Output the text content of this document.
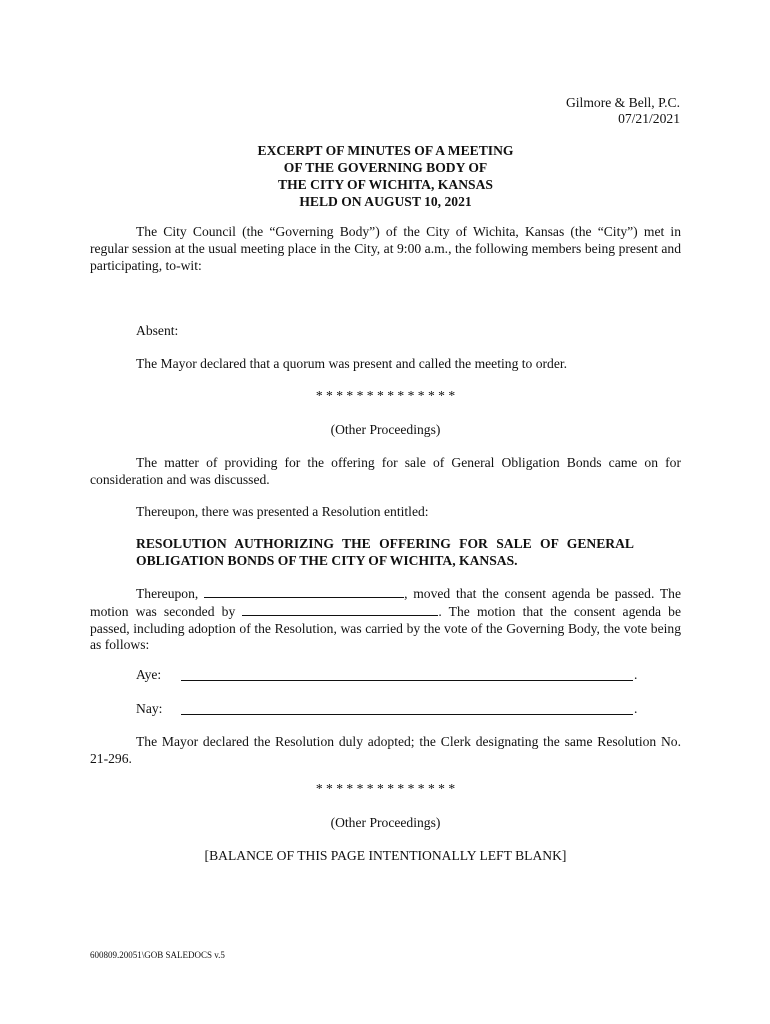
Gilmore & Bell, P.C.
07/21/2021
EXCERPT OF MINUTES OF A MEETING
OF THE GOVERNING BODY OF
THE CITY OF WICHITA, KANSAS
HELD ON AUGUST 10, 2021
The City Council (the “Governing Body”) of the City of Wichita, Kansas (the “City”) met in regular session at the usual meeting place in the City, at 9:00 a.m., the following members being present and participating, to-wit:
Absent:
The Mayor declared that a quorum was present and called the meeting to order.
* * * * * * * * * * * * * *
(Other Proceedings)
The matter of providing for the offering for sale of General Obligation Bonds came on for consideration and was discussed.
Thereupon, there was presented a Resolution entitled:
RESOLUTION AUTHORIZING THE OFFERING FOR SALE OF GENERAL OBLIGATION BONDS OF THE CITY OF WICHITA, KANSAS.
Thereupon,	, moved that the consent agenda be passed. The motion was seconded by	. The motion that the consent agenda be passed, including adoption of the Resolution, was carried by the vote of the Governing Body, the vote being as follows:
Aye:	.
Nay:	.
The Mayor declared the Resolution duly adopted; the Clerk designating the same Resolution No. 21-296.
* * * * * * * * * * * * * *
(Other Proceedings)
[BALANCE OF THIS PAGE INTENTIONALLY LEFT BLANK]
600809.20051\GOB SALEDOCS v.5
